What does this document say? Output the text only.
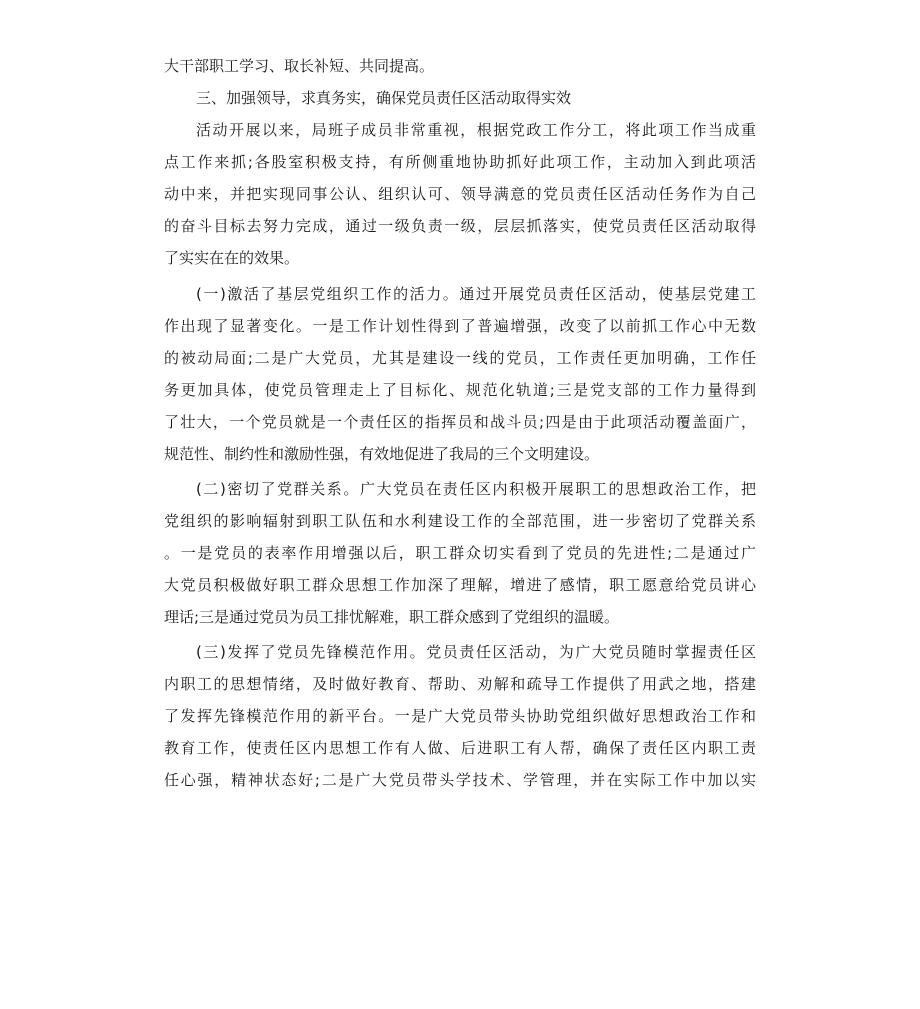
大干部职工学习、取长补短、共同提高。
三、加强领导，求真务实，确保党员责任区活动取得实效
活动开展以来，局班子成员非常重视，根据党政工作分工，将此项工作当成重
点工作来抓;各股室积极支持，有所侧重地协助抓好此项工作，主动加入到此项活
动中来，并把实现同事公认、组织认可、领导满意的党员责任区活动任务作为自己
的奋斗目标去努力完成，通过一级负责一级，层层抓落实，使党员责任区活动取得
了实实在在的效果。
(一)激活了基层党组织工作的活力。通过开展党员责任区活动，使基层党建工
作出现了显著变化。一是工作计划性得到了普遍增强，改变了以前抓工作心中无数
的被动局面;二是广大党员，尤其是建设一线的党员，工作责任更加明确，工作任
务更加具体，使党员管理走上了目标化、规范化轨道;三是党支部的工作力量得到
了壮大，一个党员就是一个责任区的指挥员和战斗员;四是由于此项活动覆盖面广，
规范性、制约性和激励性强，有效地促进了我局的三个文明建设。
(二)密切了党群关系。广大党员在责任区内积极开展职工的思想政治工作，把
党组织的影响辐射到职工队伍和水利建设工作的全部范围，进一步密切了党群关系
。一是党员的表率作用增强以后，职工群众切实看到了党员的先进性;二是通过广
大党员积极做好职工群众思想工作加深了理解，增进了感情，职工愿意给党员讲心
理话;三是通过党员为员工排忧解难，职工群众感到了党组织的温暖。
(三)发挥了党员先锋模范作用。党员责任区活动，为广大党员随时掌握责任区
内职工的思想情绪，及时做好教育、帮助、劝解和疏导工作提供了用武之地，搭建
了发挥先锋模范作用的新平台。一是广大党员带头协助党组织做好思想政治工作和
教育工作，使责任区内思想工作有人做、后进职工有人帮，确保了责任区内职工责
任心强，精神状态好;二是广大党员带头学技术、学管理，并在实际工作中加以实
